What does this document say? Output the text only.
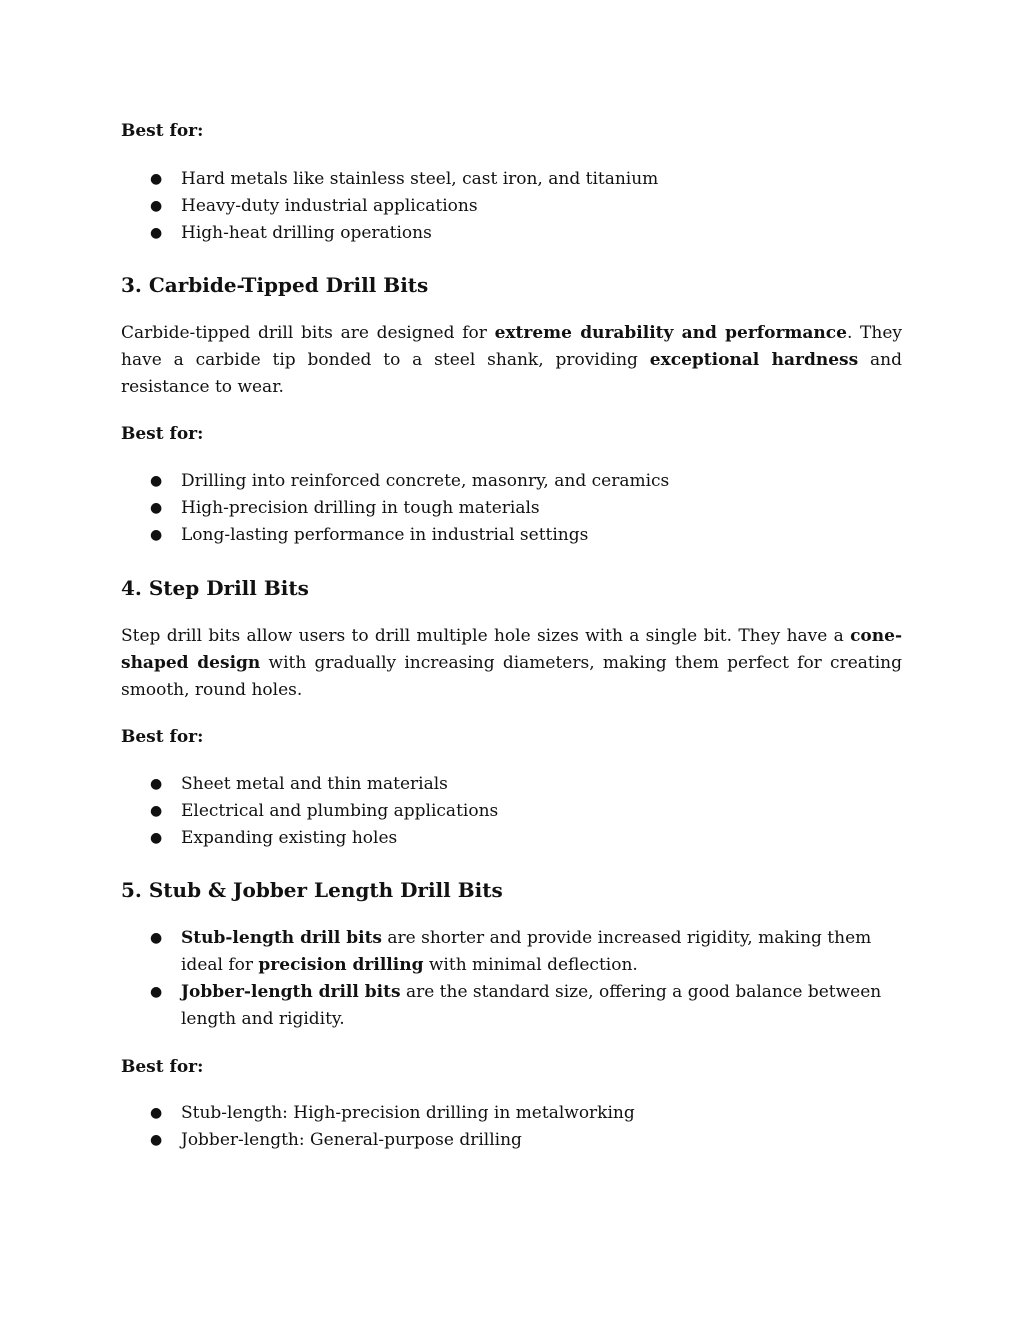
Best for:
● Hard metals like stainless steel, cast iron, and titanium
● Heavy-duty industrial applications
● High-heat drilling operations
3. Carbide-Tipped Drill Bits

Carbide-tipped drill bits are designed for extreme durability and performance. They have a carbide tip bonded to a steel shank, providing exceptional hardness and resistance to wear.

Best for:
● Drilling into reinforced concrete, masonry, and ceramics
● High-precision drilling in tough materials
● Long-lasting performance in industrial settings
4. Step Drill Bits

Step drill bits allow users to drill multiple hole sizes with a single bit. They have a cone-shaped design with gradually increasing diameters, making them perfect for creating smooth, round holes.

Best for:
● Sheet metal and thin materials
● Electrical and plumbing applications
● Expanding existing holes
5. Stub & Jobber Length Drill Bits
● Stub-length drill bits are shorter and provide increased rigidity, making them ideal for precision drilling with minimal deflection.
● Jobber-length drill bits are the standard size, offering a good balance between length and rigidity.
Best for:
● Stub-length: High-precision drilling in metalworking
● Jobber-length: General-purpose drilling
